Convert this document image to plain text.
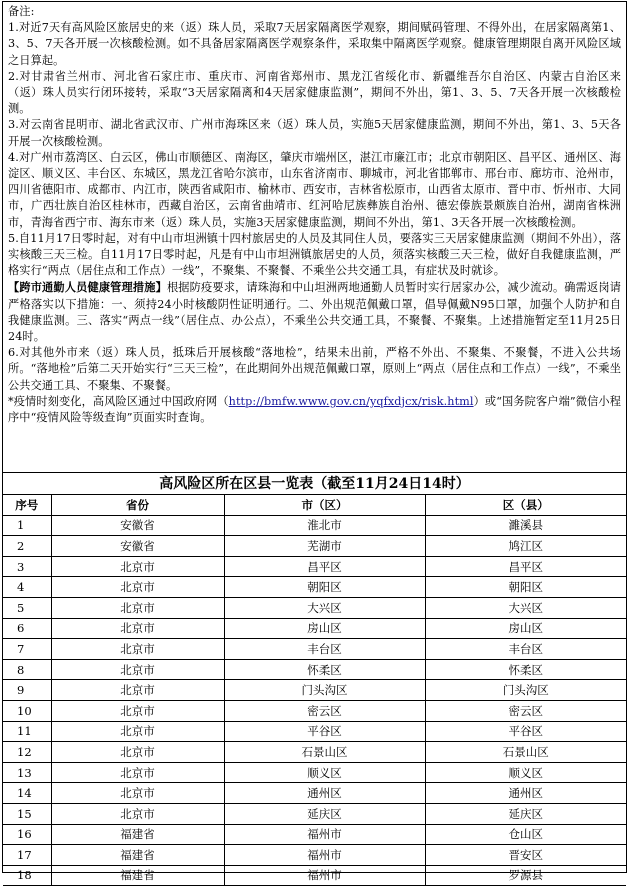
备注:

1.对近7天有高风险区旅居史的来（返）珠人员，采取7天居家隔离医学观察，期间赋码管理、不得外出，在居家隔离第1、3、5、7天各开展一次核酸检测。如不具备居家隔离医学观察条件，采取集中隔离医学观察。健康管理期限自离开风险区域之日算起。

2.对甘肃省兰州市、河北省石家庄市、重庆市、河南省郑州市、黑龙江省绥化市、新疆维吾尔自治区、内蒙古自治区来（返）珠人员实行闭环接转，采取“3天居家隔离和4天居家健康监测”，期间不外出，第1、3、5、7天各开展一次核酸检测。

3.对云南省昆明市、湖北省武汉市、广州市海珠区来（返）珠人员，实施5天居家健康监测，期间不外出，第1、3、5天各开展一次核酸检测。

4.对广州市荔湾区、白云区，佛山市顺德区、南海区，肇庆市端州区，湛江市廉江市；北京市朝阳区、昌平区、通州区、海淀区、顺义区、丰台区、东城区，黑龙江省哈尔滨市，山东省济南市、聊城市，河北省邯郸市、邢台市、廊坊市、沧州市，四川省德阳市、成都市、内江市，陕西省咸阳市、榆林市、西安市，吉林省松原市，山西省太原市、晋中市、忻州市、大同市，广西壮族自治区桂林市，西藏自治区，云南省曲靖市、红河哈尼族彝族自治州、德宏傣族景颇族自治州，湖南省株洲市，青海省西宁市、海东市来（返）珠人员，实施3天居家健康监测，期间不外出，第1、3天各开展一次核酸检测。

5.自11月17日零时起，对有中山市坦洲镇十四村旅居史的人员及其同住人员，要落实三天居家健康监测（期间不外出），落实核酸三天三检。自11月17日零时起，凡是有中山市坦洲镇旅居史的人员，须落实核酸三天三检，做好自我健康监测，严格实行“两点（居住点和工作点）一线”，不聚集、不聚餐、不乘坐公共交通工具，有症状及时就诊。

【跨市通勤人员健康管理措施】根据防疫要求，请珠海和中山坦洲两地通勤人员暂时实行居家办公，减少流动。确需返岗请严格落实以下措施：一、须持24小时核酸阴性证明通行。二、外出规范佩戴口罩，倡导佩戴N95口罩，加强个人防护和自我健康监测。三、落实“两点一线”（居住点、办公点），不乘坐公共交通工具，不聚餐、不聚集。上述措施暂定至11月25日24时。

6.对其他外市来（返）珠人员，抵珠后开展核酸“落地检”，结果未出前，严格不外出、不聚集、不聚餐，不进入公共场所。“落地检”后第二天开始实行“三天三检”，在此期间外出规范佩戴口罩，原则上“两点（居住点和工作点）一线”，不乘坐公共交通工具、不聚集、不聚餐。

*疫情时刻变化，高风险区通过中国政府网（http://bmfw.www.gov.cn/yqfxdjcx/risk.html）或“国务院客户端”微信小程序中“疫情风险等级查询”页面实时查询。

高风险区所在区县一览表（截至11月24日14时）
序号	省份	市（区）	区（县）
1	安徽省	淮北市	濉溪县
2	安徽省	芜湖市	鸠江区
3	北京市	昌平区	昌平区
4	北京市	朝阳区	朝阳区
5	北京市	大兴区	大兴区
6	北京市	房山区	房山区
7	北京市	丰台区	丰台区
8	北京市	怀柔区	怀柔区
9	北京市	门头沟区	门头沟区
10	北京市	密云区	密云区
11	北京市	平谷区	平谷区
12	北京市	石景山区	石景山区
13	北京市	顺义区	顺义区
14	北京市	通州区	通州区
15	北京市	延庆区	延庆区
16	福建省	福州市	仓山区
17	福建省	福州市	晋安区
18	福建省	福州市	罗源县
